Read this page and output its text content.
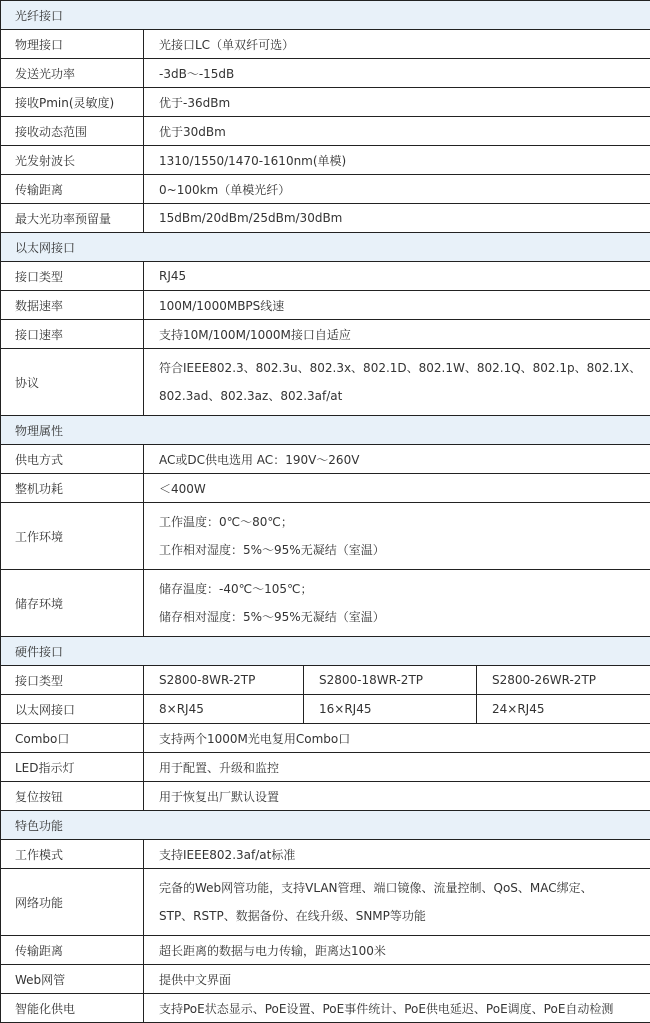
光纤接口			
物理接口	光接口LC（单双纤可选）		
发送光功率	-3dB～-15dB		
接收Pmin(灵敏度)	优于-36dBm		
接收动态范围	优于30dBm		
光发射波长	1310/1550/1470-1610nm(单模)		
传输距离	0~100km（单模光纤）		
最大光功率预留量	15dBm/20dBm/25dBm/30dBm		
以太网接口			
接口类型	RJ45		
数据速率	100M/1000MBPS线速		
接口速率	支持10M/100M/1000M接口自适应		
协议	符合IEEE802.3、802.3u、802.3x、802.1D、802.1W、802.1Q、802.1p、802.1X、
802.3ad、802.3az、802.3af/at		

物理属性			
供电方式	AC或DC供电选用 AC：190V～260V		
整机功耗	＜400W		
工作环境	工作温度：0℃～80℃；
工作相对湿度：5%～95%无凝结（室温）		

储存环境	储存温度：-40℃～105℃；
储存相对湿度：5%～95%无凝结（室温）		

硬件接口			
接口类型	S2800-8WR-2TP	S2800-18WR-2TP	S2800-26WR-2TP
以太网接口	8×RJ45	16×RJ45	24×RJ45
Combo口	支持两个1000M光电复用Combo口		
LED指示灯	用于配置、升级和监控		
复位按钮	用于恢复出厂默认设置		
特色功能			
工作模式	支持IEEE802.3af/at标准		
网络功能	完备的Web网管功能，支持VLAN管理、端口镜像、流量控制、QoS、MAC绑定、
STP、RSTP、数据备份、在线升级、SNMP等功能		

传输距离	超长距离的数据与电力传输，距离达100米		
Web网管	提供中文界面		
智能化供电	支持PoE状态显示、PoE设置、PoE事件统计、PoE供电延迟、PoE调度、PoE自动检测		
